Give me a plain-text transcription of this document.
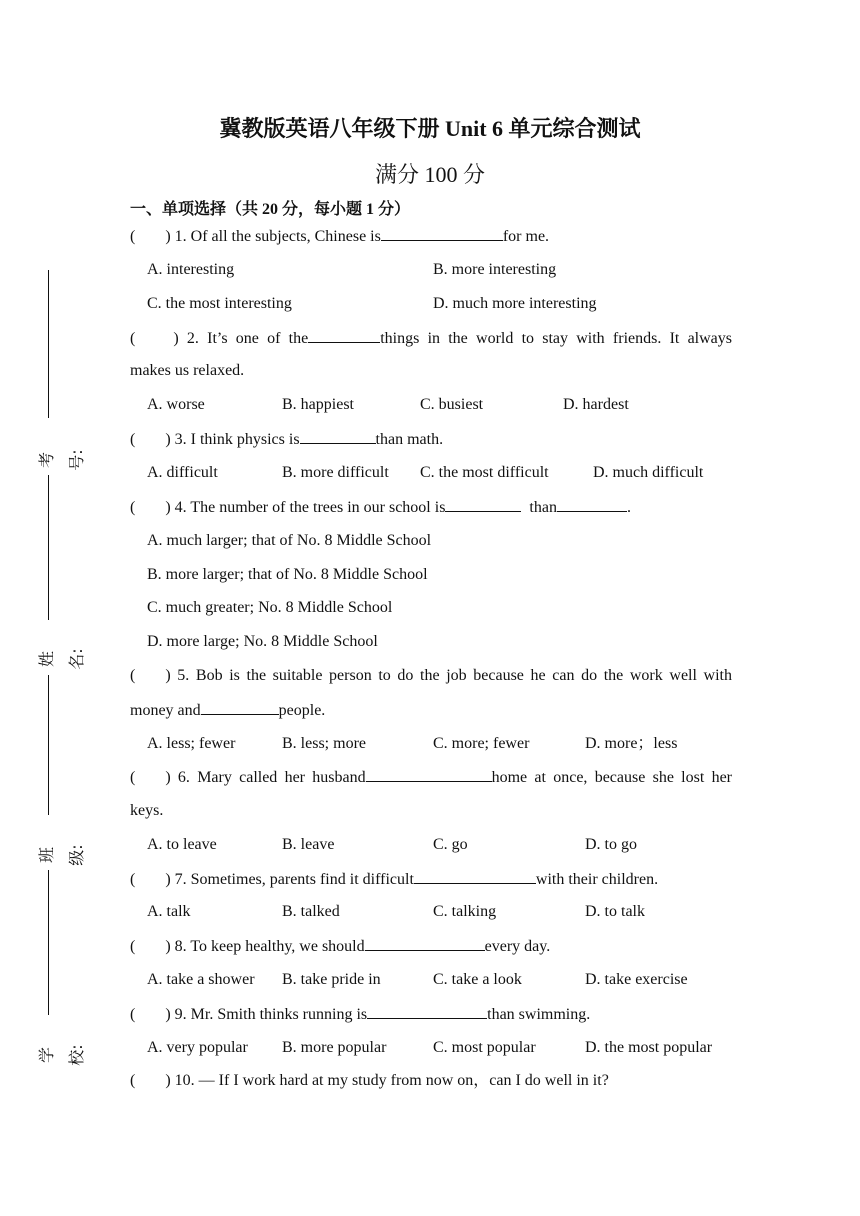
考号:
姓名:
班级:
学校:
冀教版英语八年级下册 Unit 6 单元综合测试
满分 100 分
一、单项选择（共 20 分，每小题 1 分）
( ) 1. Of all the subjects, Chinese is	for me.
A. interesting	B. more interesting
C. the most interesting	D. much more interesting
( ) 2. It’s one of the	things in the world to stay with friends. It always
makes us relaxed.
A. worse	B. happiest	C. busiest	D. hardest
( ) 3. I think physics is	than math.
A. difficult	B. more difficult C. the most difficult	D. much difficult
( ) 4. The number of the trees in our school is	than	.
A. much larger; that of No. 8 Middle School
B. more larger; that of No. 8 Middle School
C. much greater; No. 8 Middle School
D. more large; No. 8 Middle School
( ) 5. Bob is the suitable person to do the job because he can do the work well with
money and	people.
A. less; fewer	B. less; more	C. more; fewer	D. more；less
( ) 6. Mary called her husband	home at once, because she lost her
keys.
A. to leave	B. leave	C. go	D. to go
( ) 7. Sometimes, parents find it difficult	with their children.
A. talk	B. talked	C. talking	D. to talk
( ) 8. To keep healthy, we should	every day.
A. take a shower B. take pride in	C. take a look	D. take exercise
( ) 9. Mr. Smith thinks running is	than swimming.
A. very popular B. more popular	C. most popular	D. the most popular
( ) 10. — If I work hard at my study from now on，can I do well in it?
